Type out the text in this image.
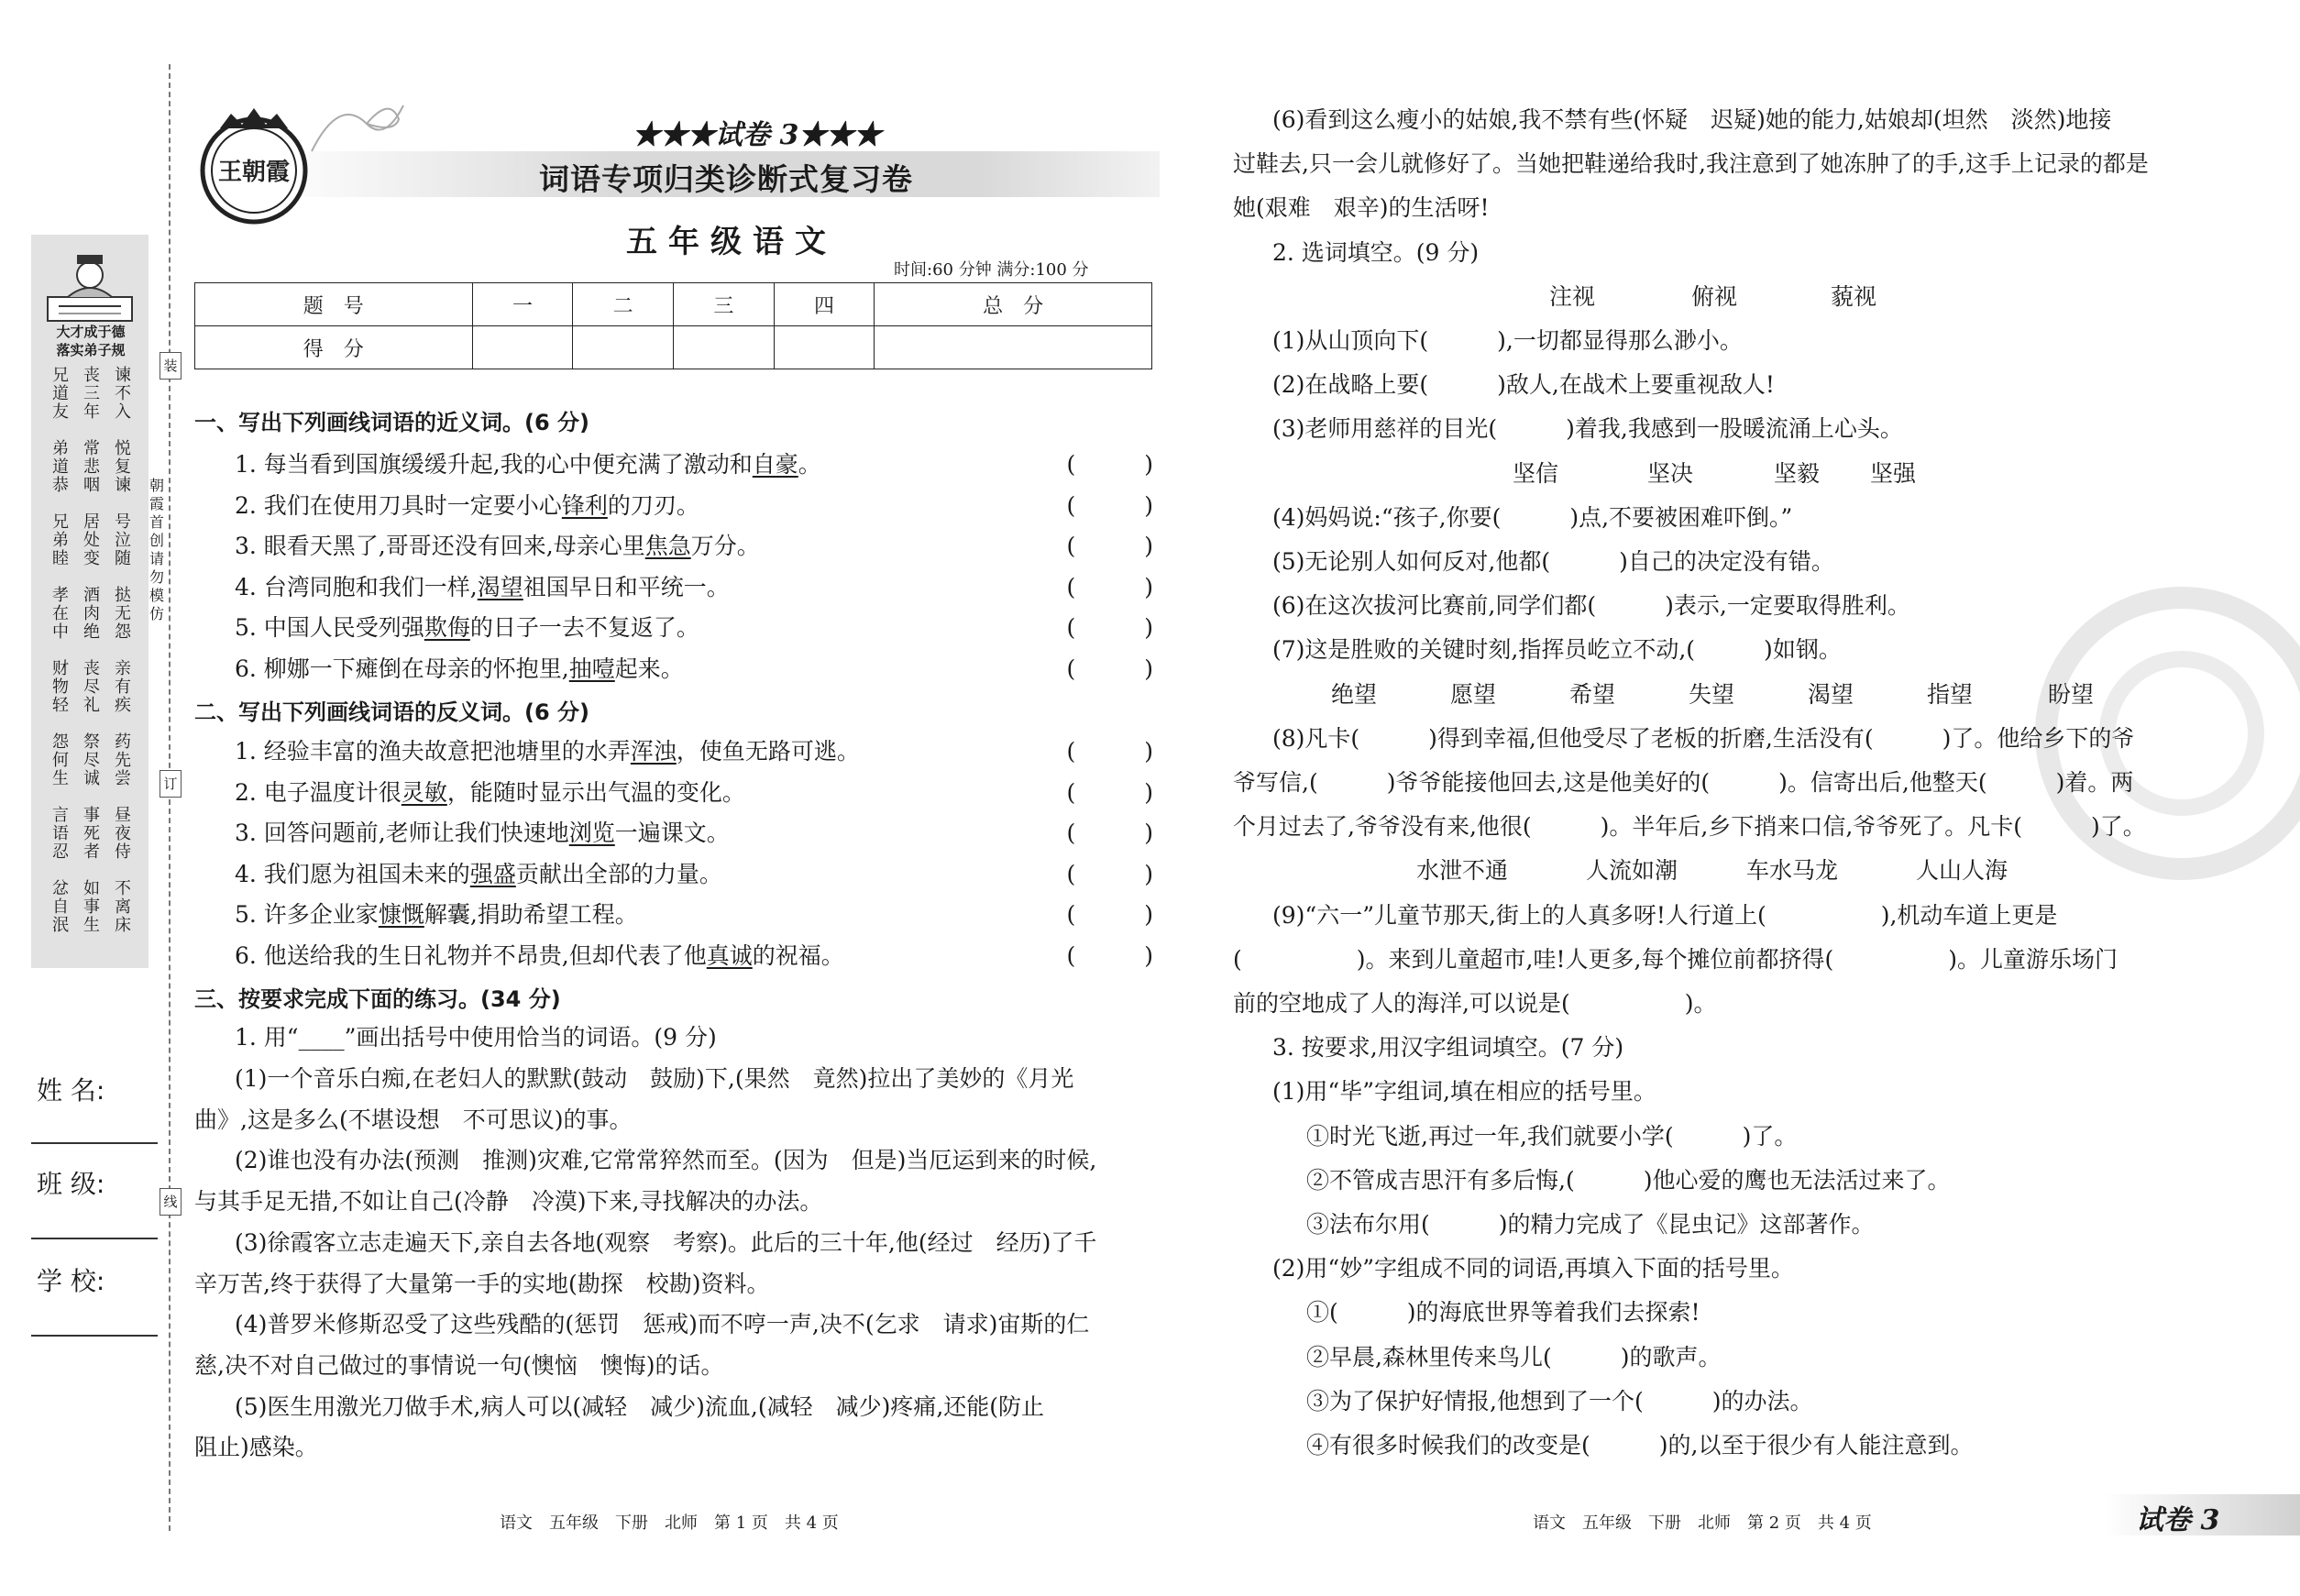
大才成于德
落实弟子规
兄道友
弟道恭
兄弟睦
孝在中
财物轻
怨何生
言语忍
忿自泯
丧三年
常悲咽
居处变
酒肉绝
丧尽礼
祭尽诚
事死者
如事生
谏不入
悦复谏
号泣随
挞无怨
亲有疾
药先尝
昼夜侍
不离床
朝霞首创 请勿模仿
装
订
线
姓 名:
班 级:
学 校:
王朝霞
★★★试卷 3★★★
词语专项归类诊断式复习卷
五年级语文
时间:60 分钟 满分:100 分
题　号	一	二	三	四	总　分
得　分					
一、写出下列画线词语的近义词。(6 分)
1. 每当看到国旗缓缓升起,我的心中便充满了激动和自豪。	(　　　)
2. 我们在使用刀具时一定要小心锋利的刀刃。	(　　　)
3. 眼看天黑了,哥哥还没有回来,母亲心里焦急万分。	(　　　)
4. 台湾同胞和我们一样,渴望祖国早日和平统一。	(　　　)
5. 中国人民受列强欺侮的日子一去不复返了。	(　　　)
6. 柳娜一下瘫倒在母亲的怀抱里,抽噎起来。	(　　　)
二、写出下列画线词语的反义词。(6 分)
1. 经验丰富的渔夫故意把池塘里的水弄浑浊，使鱼无路可逃。	(　　　)
2. 电子温度计很灵敏，能随时显示出气温的变化。	(　　　)
3. 回答问题前,老师让我们快速地浏览一遍课文。	(　　　)
4. 我们愿为祖国未来的强盛贡献出全部的力量。	(　　　)
5. 许多企业家慷慨解囊,捐助希望工程。	(　　　)
6. 他送给我的生日礼物并不昂贵,但却代表了他真诚的祝福。	(　　　)
三、按要求完成下面的练习。(34 分)
1. 用“____”画出括号中使用恰当的词语。(9 分)
(1)一个音乐白痴,在老妇人的默默(鼓动　鼓励)下,(果然　竟然)拉出了美妙的《月光
曲》,这是多么(不堪设想　不可思议)的事。
(2)谁也没有办法(预测　推测)灾难,它常常猝然而至。(因为　但是)当厄运到来的时候,
与其手足无措,不如让自己(冷静　冷漠)下来,寻找解决的办法。
(3)徐霞客立志走遍天下,亲自去各地(观察　考察)。此后的三十年,他(经过　经历)了千
辛万苦,终于获得了大量第一手的实地(勘探　校勘)资料。
(4)普罗米修斯忍受了这些残酷的(惩罚　惩戒)而不哼一声,决不(乞求　请求)宙斯的仁
慈,决不对自己做过的事情说一句(懊恼　懊悔)的话。
(5)医生用激光刀做手术,病人可以(减轻　减少)流血,(减轻　减少)疼痛,还能(防止
阻止)感染。
语文　五年级　下册　北师　第 1 页　共 4 页
(6)看到这么瘦小的姑娘,我不禁有些(怀疑　迟疑)她的能力,姑娘却(坦然　淡然)地接
过鞋去,只一会儿就修好了。当她把鞋递给我时,我注意到了她冻肿了的手,这手上记录的都是
她(艰难　艰辛)的生活呀!
2. 选词填空。(9 分)
注视	俯视	藐视
(1)从山顶向下(　　　),一切都显得那么渺小。
(2)在战略上要(　　　)敌人,在战术上要重视敌人!
(3)老师用慈祥的目光(　　　)着我,我感到一股暖流涌上心头。
坚信	坚决	坚毅 坚强
(4)妈妈说:“孩子,你要(　　　)点,不要被困难吓倒。”
(5)无论别人如何反对,他都(　　　)自己的决定没有错。
(6)在这次拔河比赛前,同学们都(　　　)表示,一定要取得胜利。
(7)这是胜败的关键时刻,指挥员屹立不动,(　　　)如钢。
绝望	愿望	希望	失望	渴望	指望	盼望
(8)凡卡(　　　)得到幸福,但他受尽了老板的折磨,生活没有(　　　)了。他给乡下的爷
爷写信,(　　　)爷爷能接他回去,这是他美好的(　　　)。信寄出后,他整天(　　　)着。两
个月过去了,爷爷没有来,他很(　　　)。半年后,乡下捎来口信,爷爷死了。凡卡(　　　)了。
水泄不通	人流如潮	车水马龙	人山人海
(9)“六一”儿童节那天,街上的人真多呀!人行道上(　　　　　),机动车道上更是
(　　　　　)。来到儿童超市,哇!人更多,每个摊位前都挤得(　　　　　)。儿童游乐场门
前的空地成了人的海洋,可以说是(　　　　　)。
3. 按要求,用汉字组词填空。(7 分)
(1)用“毕”字组词,填在相应的括号里。
①时光飞逝,再过一年,我们就要小学(　　　)了。
②不管成吉思汗有多后悔,(　　　)他心爱的鹰也无法活过来了。
③法布尔用(　　　)的精力完成了《昆虫记》这部著作。
(2)用“妙”字组成不同的词语,再填入下面的括号里。
①(　　　)的海底世界等着我们去探索!
②早晨,森林里传来鸟儿(　　　)的歌声。
③为了保护好情报,他想到了一个(　　　)的办法。
④有很多时候我们的改变是(　　　)的,以至于很少有人能注意到。
语文　五年级　下册　北师　第 2 页　共 4 页	试卷 3
